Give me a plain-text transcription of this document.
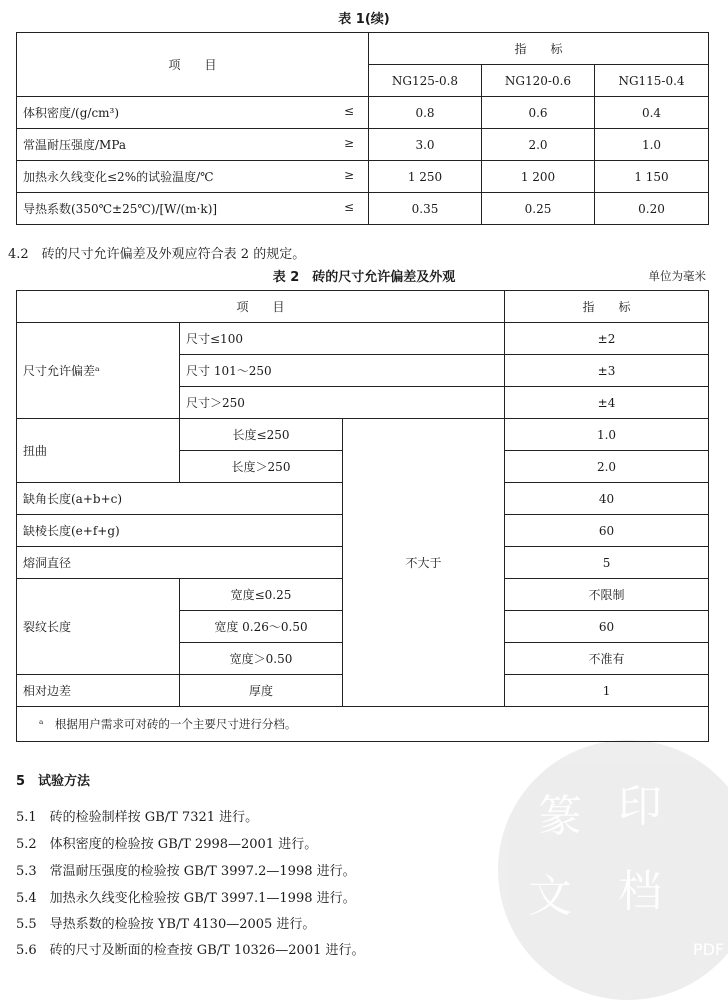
篆 印
文 档
PDF
表 1(续)
项　　目	指　　标		
	NG125-0.8	NG120-0.6	NG115-0.4
体积密度/(g/cm³) ≤	0.8	0.6	0.4
常温耐压强度/MPa ≥	3.0	2.0	1.0
加热永久线变化≤2%的试验温度/℃ ≥	1 250	1 200	1 150
导热系数(350℃±25℃)/[W/(m·k)] ≤	0.35	0.25	0.20
4.2　砖的尺寸允许偏差及外观应符合表 2 的规定。
表 2　砖的尺寸允许偏差及外观	单位为毫米
项　　目			指　　标
尺寸允许偏差ᵃ	尺寸≤100		±2
	尺寸 101～250		±3
	尺寸＞250		±4
扭曲	长度≤250	不大于	1.0
	长度＞250		2.0
缺角长度(a+b+c)			40
缺棱长度(e+f+g)			60
熔洞直径			5
裂纹长度	宽度≤0.25		不限制
	宽度 0.26～0.50		60
	宽度＞0.50		不准有
相对边差	厚度		1
ᵃ　根据用户需求可对砖的一个主要尺寸进行分档。			
5　试验方法
5.1　砖的检验制样按 GB/T 7321 进行。
5.2　体积密度的检验按 GB/T 2998—2001 进行。
5.3　常温耐压强度的检验按 GB/T 3997.2—1998 进行。
5.4　加热永久线变化检验按 GB/T 3997.1—1998 进行。
5.5　导热系数的检验按 YB/T 4130—2005 进行。
5.6　砖的尺寸及断面的检查按 GB/T 10326—2001 进行。
